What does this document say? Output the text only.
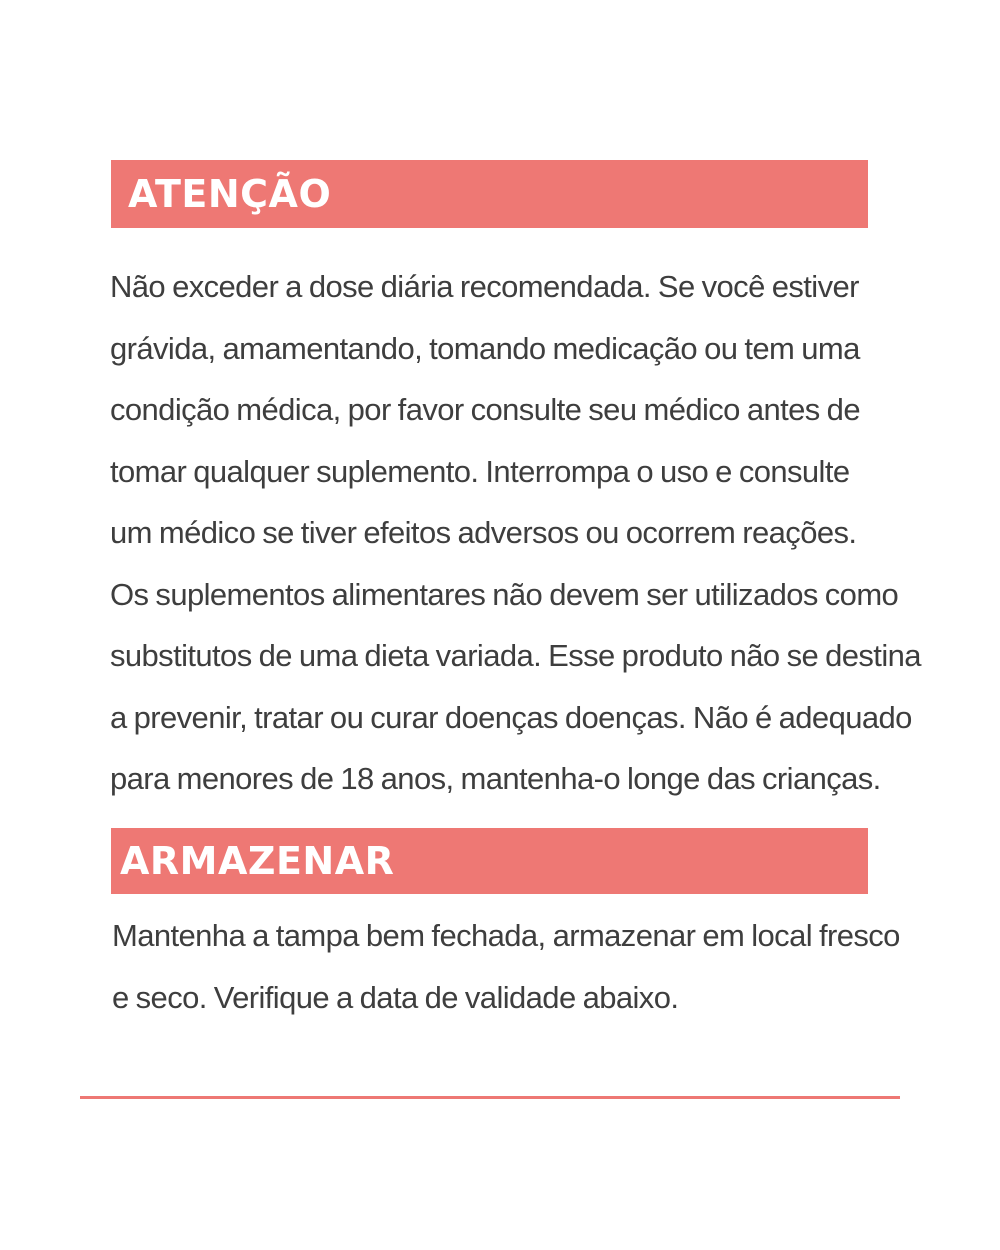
ATENÇÃO

Não exceder a dose diária recomendada. Se você estiver
grávida, amamentando, tomando medicação ou tem uma
condição médica, por favor consulte seu médico antes de
tomar qualquer suplemento. Interrompa o uso e consulte
um médico se tiver efeitos adversos ou ocorrem reações.
Os suplementos alimentares não devem ser utilizados como
substitutos de uma dieta variada. Esse produto não se destina
a prevenir, tratar ou curar doenças doenças. Não é adequado
para menores de 18 anos, mantenha-o longe das crianças.

ARMAZENAR

Mantenha a tampa bem fechada, armazenar em local fresco
e seco. Verifique a data de validade abaixo.
